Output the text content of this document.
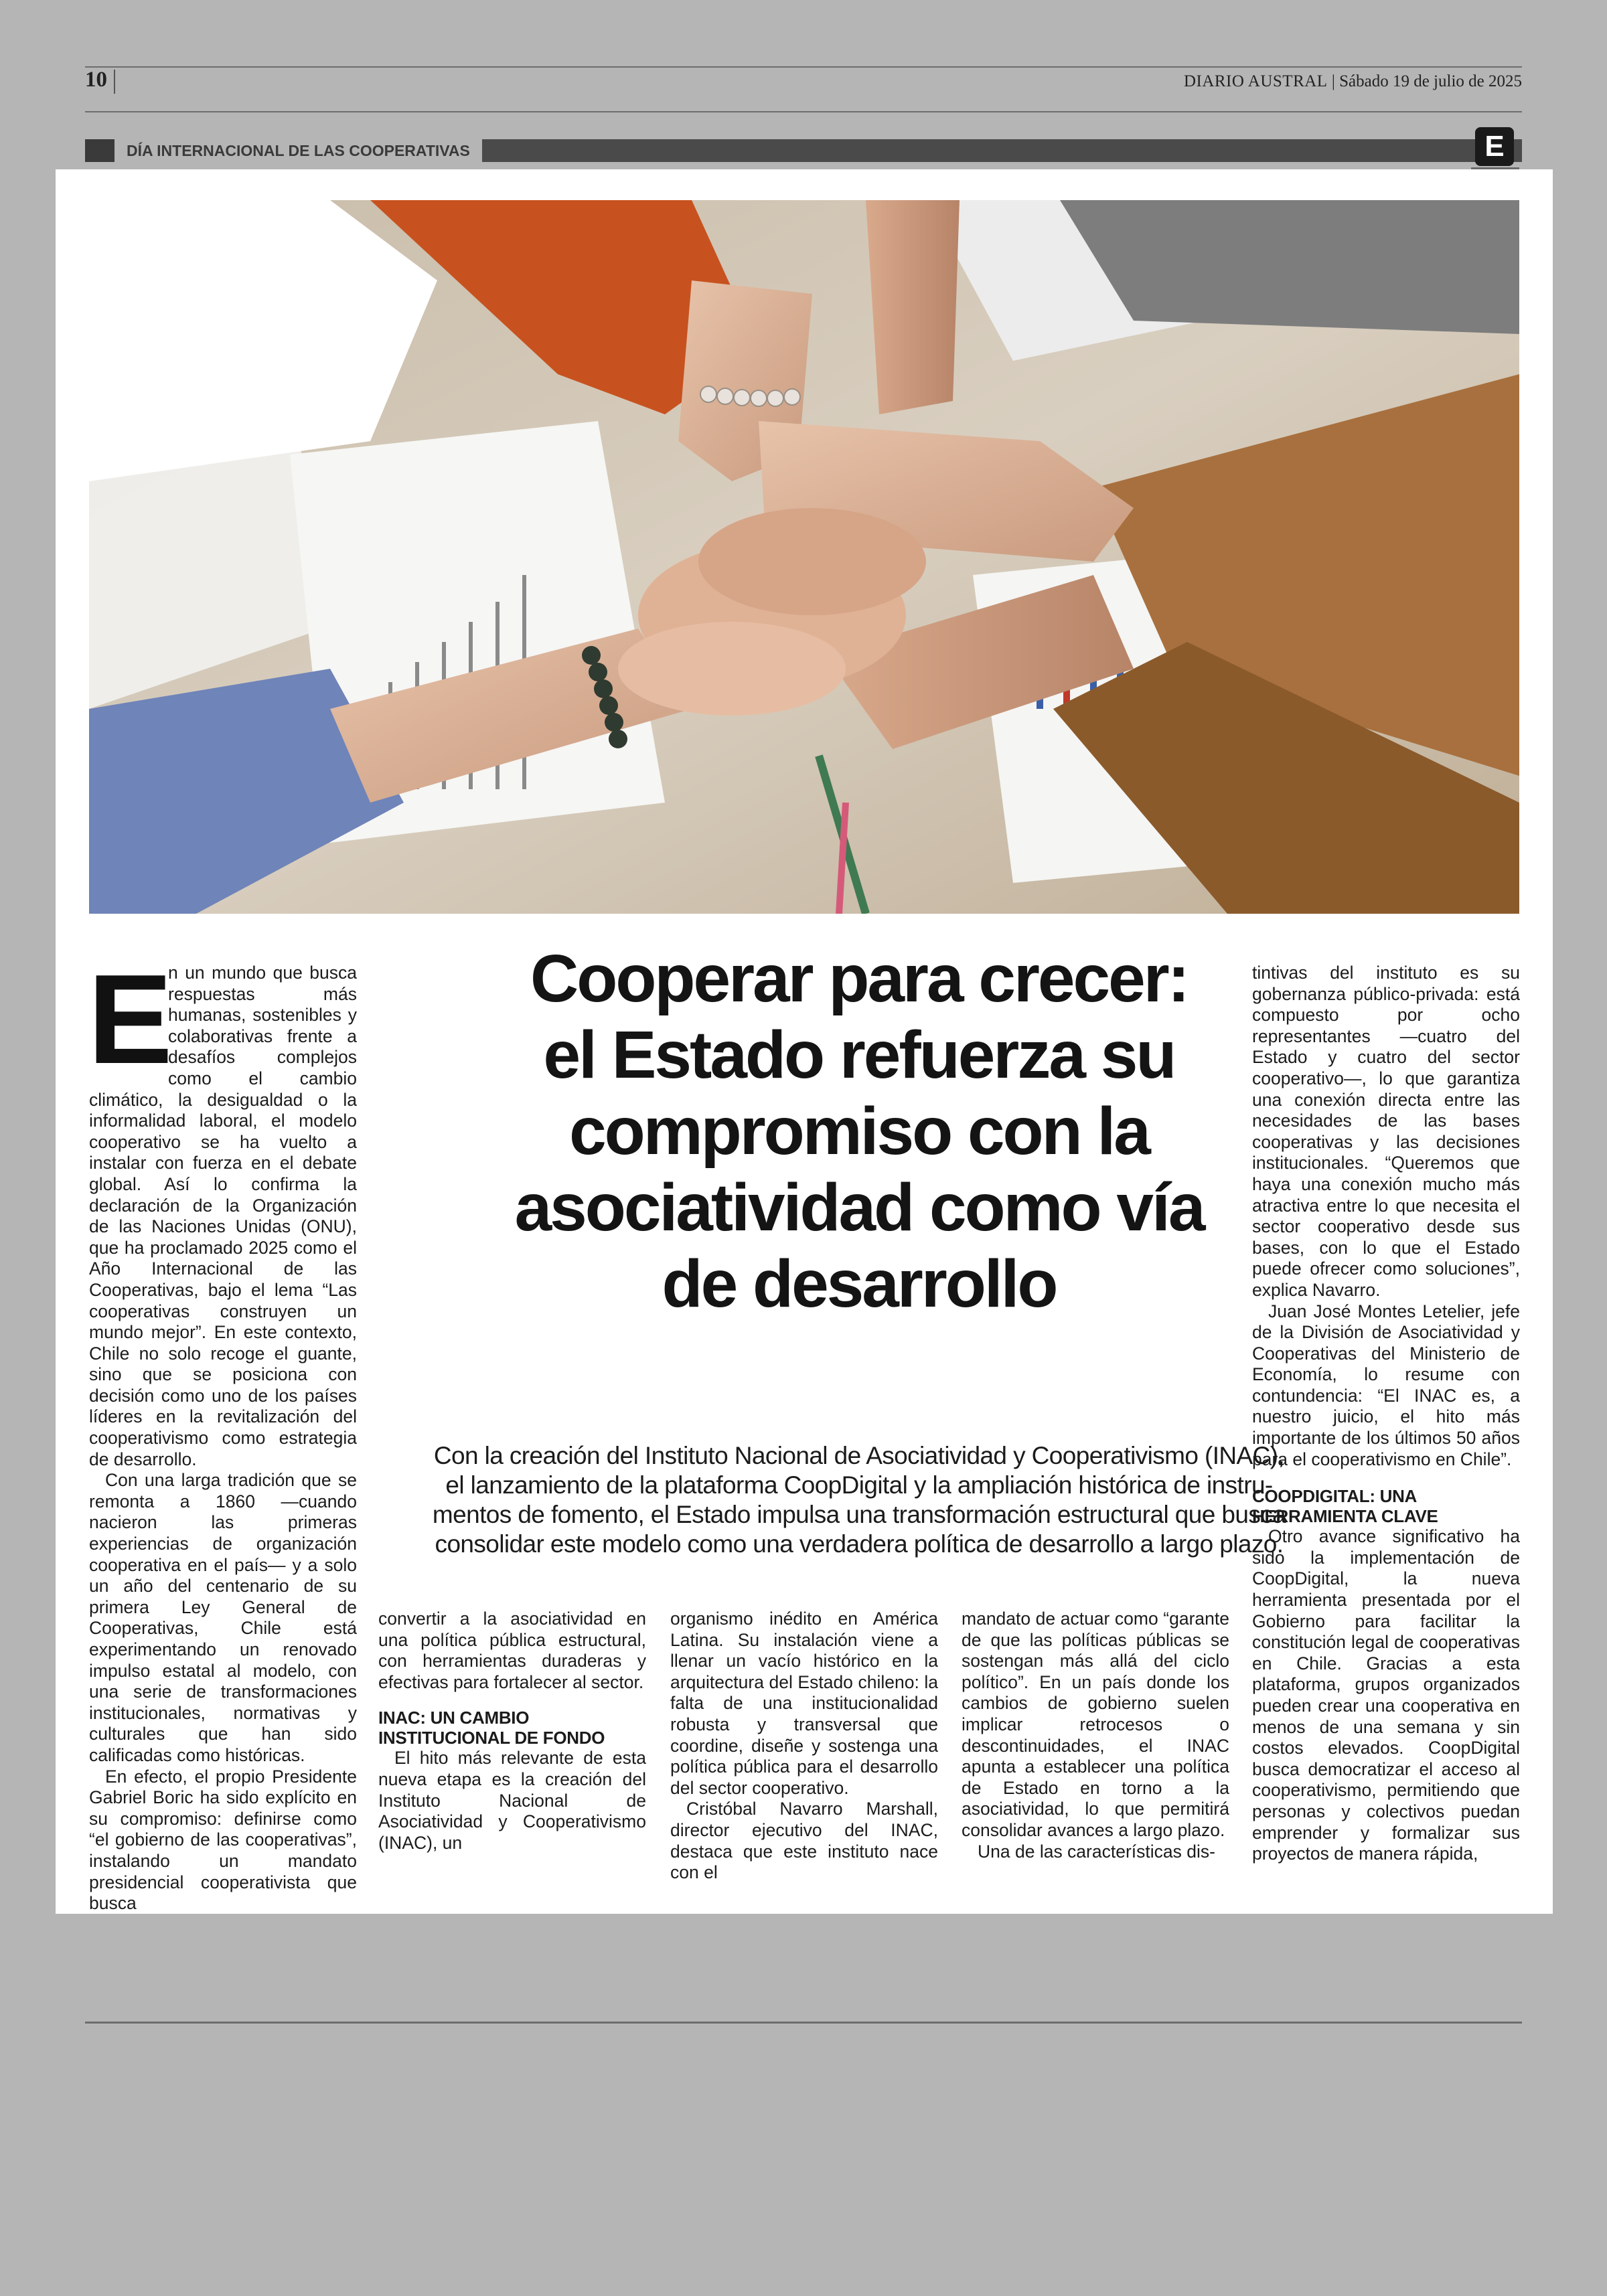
10	DIARIO AUSTRAL | Sábado 19 de julio de 2025
DÍA INTERNACIONAL DE LAS COOPERATIVAS	E

E
n un mundo que busca respuestas más humanas, sostenibles y colaborativas frente a desafíos complejos como el cambio climático, la desigualdad o la informalidad laboral, el modelo cooperativo se ha vuelto a instalar con fuerza en el debate global. Así lo confirma la declaración de la Organización de las Naciones Unidas (ONU), que ha proclamado 2025 como el Año Internacional de las Cooperativas, bajo el lema “Las cooperativas construyen un mundo mejor”. En este contexto, Chile no solo recoge el guante, sino que se posiciona con decisión como uno de los países líderes en la revitalización del cooperativismo como estrategia de desarrollo.

Con una larga tradición que se remonta a 1860 —cuando nacieron las primeras experiencias de organización cooperativa en el país— y a solo un año del centenario de su primera Ley General de Cooperativas, Chile está experimentando un renovado impulso estatal al modelo, con una serie de transformaciones institucionales, normativas y culturales que han sido calificadas como históricas.

En efecto, el propio Presidente Gabriel Boric ha sido explícito en su compromiso: definirse como “el gobierno de las cooperativas”, instalando un mandato presidencial cooperativista que busca

Cooperar para crecer:
el Estado refuerza su
compromiso con la
asociatividad como vía
de desarrollo
Con la creación del Instituto Nacional de Asociatividad y Cooperativismo (INAC),
el lanzamiento de la plataforma CoopDigital y la ampliación histórica de instru-
mentos de fomento, el Estado impulsa una transformación estructural que busca
consolidar este modelo como una verdadera política de desarrollo a largo plazo.

convertir a la asociatividad en una política pública estructural, con herramientas duraderas y efectivas para fortalecer al sector.

INAC: UN CAMBIO INSTITUCIONAL DE FONDO

El hito más relevante de esta nueva etapa es la creación del Instituto Nacional de Asociatividad y Cooperativismo (INAC), un

organismo inédito en América Latina. Su instalación viene a llenar un vacío histórico en la arquitectura del Estado chileno: la falta de una institucionalidad robusta y transversal que coordine, diseñe y sostenga una política pública para el desarrollo del sector cooperativo.

Cristóbal Navarro Marshall, director ejecutivo del INAC, destaca que este instituto nace con el

mandato de actuar como “garante de que las políticas públicas se sostengan más allá del ciclo político”. En un país donde los cambios de gobierno suelen implicar retrocesos o descontinuidades, el INAC apunta a establecer una política de Estado en torno a la asociatividad, lo que permitirá consolidar avances a largo plazo.

Una de las características dis-

tintivas del instituto es su gobernanza público-privada: está compuesto por ocho representantes —cuatro del Estado y cuatro del sector cooperativo—, lo que garantiza una conexión directa entre las necesidades de las bases cooperativas y las decisiones institucionales. “Queremos que haya una conexión mucho más atractiva entre lo que necesita el sector cooperativo desde sus bases, con lo que el Estado puede ofrecer como soluciones”, explica Navarro.

Juan José Montes Letelier, jefe de la División de Asociatividad y Cooperativas del Ministerio de Economía, lo resume con contundencia: “El INAC es, a nuestro juicio, el hito más importante de los últimos 50 años para el cooperativismo en Chile”.

COOPDIGITAL: UNA HERRAMIENTA CLAVE

Otro avance significativo ha sido la implementación de CoopDigital, la nueva herramienta presentada por el Gobierno para facilitar la constitución legal de cooperativas en Chile. Gracias a esta plataforma, grupos organizados pueden crear una cooperativa en menos de una semana y sin costos elevados. CoopDigital busca democratizar el acceso al cooperativismo, permitiendo que personas y colectivos puedan emprender y formalizar sus proyectos de manera rápida,
